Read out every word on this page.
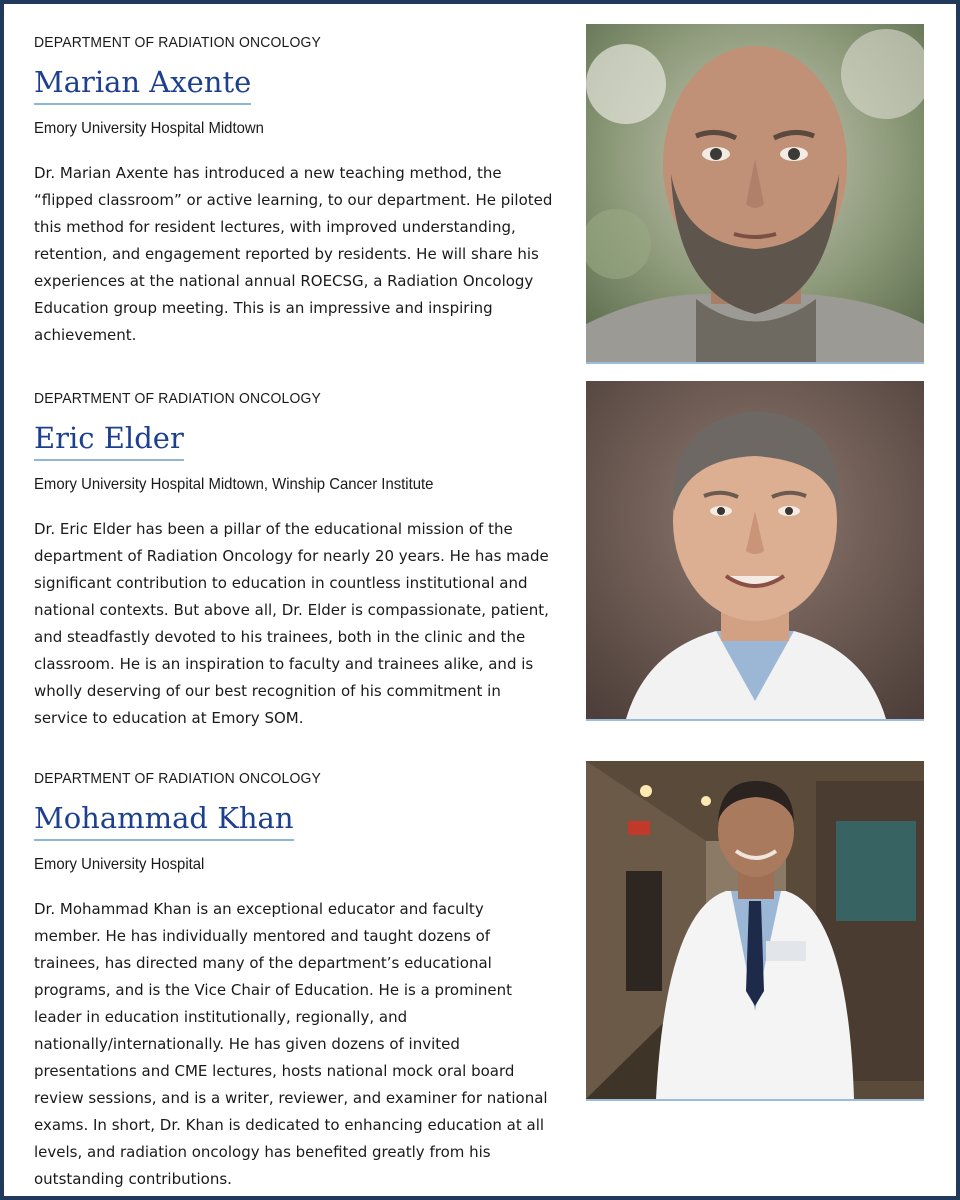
DEPARTMENT OF RADIATION ONCOLOGY
Marian Axente
Emory University Hospital Midtown

Dr. Marian Axente has introduced a new teaching method, the “flipped classroom” or active learning, to our department. He piloted this method for resident lectures, with improved understanding, retention, and engagement reported by residents. He will share his experiences at the national annual ROECSG, a Radiation Oncology Education group meeting. This is an impressive and inspiring achievement.

DEPARTMENT OF RADIATION ONCOLOGY
Eric Elder
Emory University Hospital Midtown, Winship Cancer Institute

Dr. Eric Elder has been a pillar of the educational mission of the department of Radiation Oncology for nearly 20 years. He has made significant contribution to education in countless institutional and national contexts. But above all, Dr. Elder is compassionate, patient, and steadfastly devoted to his trainees, both in the clinic and the classroom. He is an inspiration to faculty and trainees alike, and is wholly deserving of our best recognition of his commitment in service to education at Emory SOM.

DEPARTMENT OF RADIATION ONCOLOGY
Mohammad Khan
Emory University Hospital

Dr. Mohammad Khan is an exceptional educator and faculty member. He has individually mentored and taught dozens of trainees, has directed many of the department’s educational programs, and is the Vice Chair of Education. He is a prominent leader in education institutionally, regionally, and nationally/internationally. He has given dozens of invited presentations and CME lectures, hosts national mock oral board review sessions, and is a writer, reviewer, and examiner for national exams. In short, Dr. Khan is dedicated to enhancing education at all levels, and radiation oncology has benefited greatly from his outstanding contributions.
